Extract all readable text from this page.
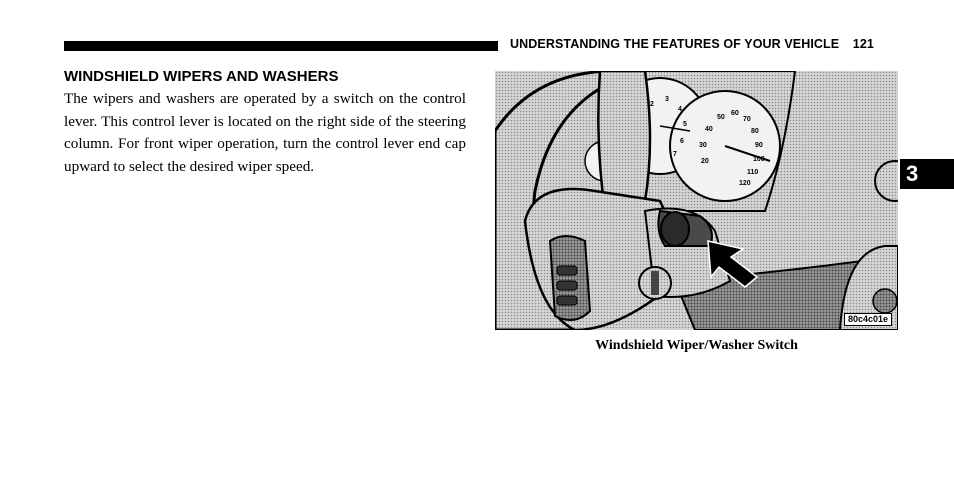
UNDERSTANDING THE FEATURES OF YOUR VEHICLE 121
WINDSHIELD WIPERS AND WASHERS

The wipers and washers are operated by a switch on the control lever. This control lever is located on the right side of the steering column. For front wiper operation, turn the control lever end cap upward to select the desired wiper speed.

2
3
4
5
6
7
20
30
40
50
60
70
80
90
100
110
120
80c4c01e
Windshield Wiper/Washer Switch
3
